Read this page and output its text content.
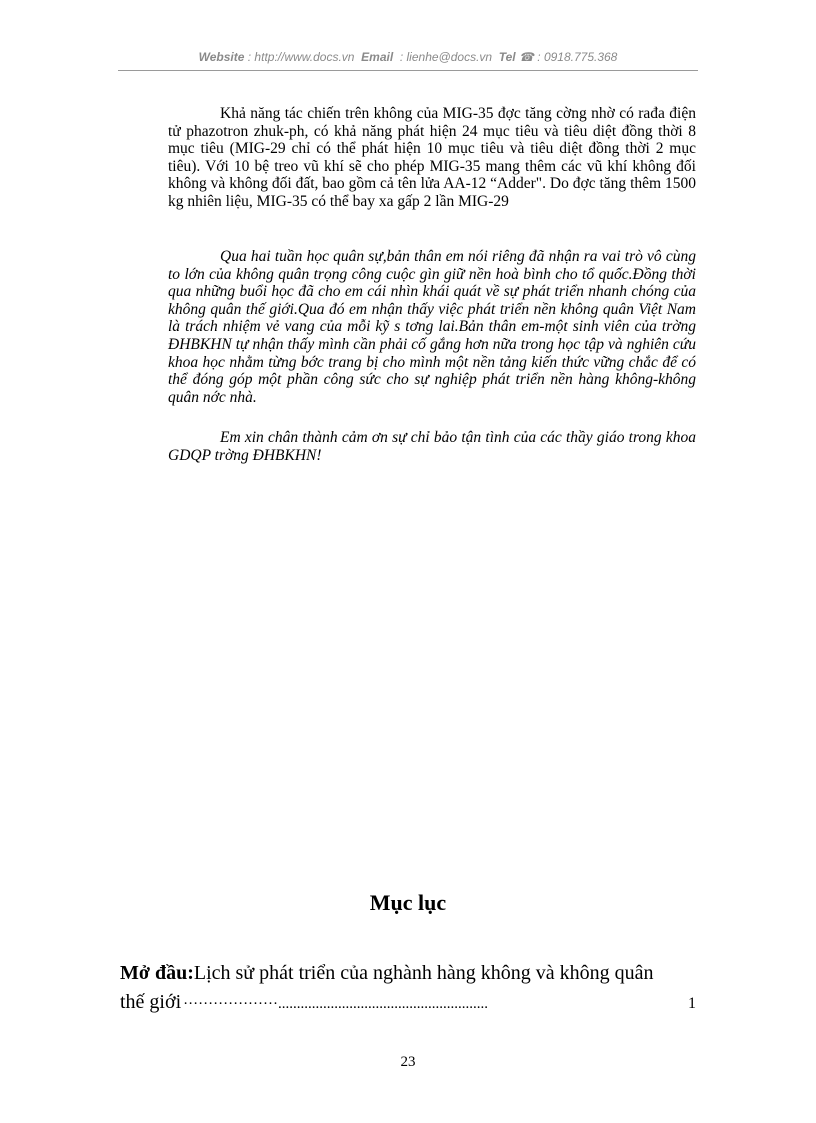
Website : http://www.docs.vn Email : lienhe@docs.vn Tel ☎ : 0918.775.368

Khả năng tác chiến trên không của MIG-35 đợc tăng cờng nhờ có rađa điện tử phazotron zhuk-ph, có khả năng phát hiện 24 mục tiêu và tiêu diệt đồng thời 8 mục tiêu (MIG-29 chỉ có thể phát hiện 10 mục tiêu và tiêu diệt đồng thời 2 mục tiêu). Với 10 bệ treo vũ khí sẽ cho phép MIG-35 mang thêm các vũ khí không đối không và không đối đất, bao gồm cả tên lửa AA-12 “Adder". Do đợc tăng thêm 1500 kg nhiên liệu, MIG-35 có thể bay xa gấp 2 lần MIG-29

Qua hai tuần học quân sự,bản thân em nói riêng đã nhận ra vai trò vô cùng to lớn của không quân trọng công cuộc gìn giữ nền hoà bình cho tổ quốc.Đồng thời qua những buổi học đã cho em cái nhìn khái quát về sự phát triển nhanh chóng của không quân thế giới.Qua đó em nhận thấy việc phát triển nền không quân Việt Nam là trách nhiệm vẻ vang của mỗi kỹ s tơng lai.Bản thân em-một sinh viên của trờng ĐHBKHN tự nhận thấy mình cần phải cố gắng hơn nữa trong học tập và nghiên cứu khoa học nhằm từng bớc trang bị cho mình một nền tảng kiến thức vững chắc để có thể đóng góp một phần công sức cho sự nghiệp phát triển nền hàng không-không quân nớc nhà.

Em xin chân thành cảm ơn sự chỉ bảo tận tình của các thầy giáo trong khoa GDQP trờng ĐHBKHN!

Mục lục
Mở đầu:Lịch sử phát triển của nghành hàng không và không quân
thế giới ···················........................................................	1
23
